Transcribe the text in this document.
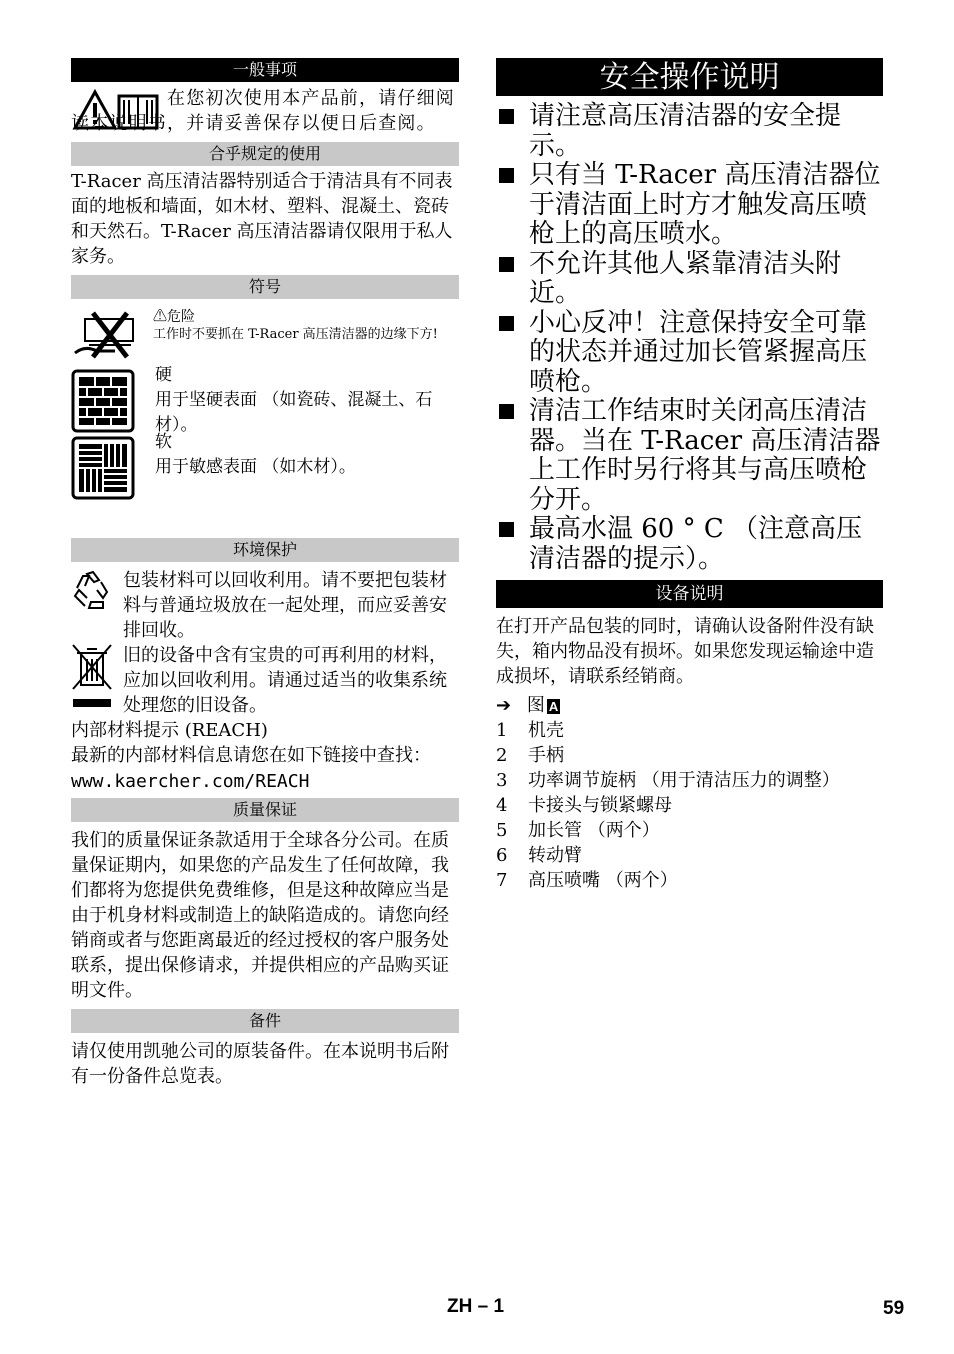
一般事项

在您初次使用本产品前，请仔细阅读本说明书，并请妥善保存以便日后查阅。

合乎规定的使用

T-Racer 高压清洁器特别适合于清洁具有不同表面的地板和墙面，如木材、塑料、混凝土、瓷砖和天然石。T-Racer 高压清洁器请仅限用于私人家务。

符号
⚠危险
工作时不要抓在 T-Racer 高压清洁器的边缘下方!
硬
用于坚硬表面 （如瓷砖、混凝土、石材）。
软
用于敏感表面 （如木材）。
环境保护

包装材料可以回收利用。请不要把包装材料与普通垃圾放在一起处理，而应妥善安排回收。

旧的设备中含有宝贵的可再利用的材料，应加以回收利用。请通过适当的收集系统处理您的旧设备。

内部材料提示 (REACH)

最新的内部材料信息请您在如下链接中查找：

www.kaercher.com/REACH

质量保证

我们的质量保证条款适用于全球各分公司。在质量保证期内，如果您的产品发生了任何故障，我们都将为您提供免费维修，但是这种故障应当是由于机身材料或制造上的缺陷造成的。请您向经销商或者与您距离最近的经过授权的客户服务处联系，提出保修请求，并提供相应的产品购买证明文件。

备件

请仅使用凯驰公司的原装备件。在本说明书后附有一份备件总览表。

安全操作说明
请注意高压清洁器的安全提示。
只有当 T-Racer 高压清洁器位于清洁面上时方才触发高压喷枪上的高压喷水。
不允许其他人紧靠清洁头附近。
小心反冲！注意保持安全可靠的状态并通过加长管紧握高压喷枪。
清洁工作结束时关闭高压清洁器。当在 T-Racer 高压清洁器上工作时另行将其与高压喷枪分开。
最高水温 60 ° C （注意高压清洁器的提示）。
设备说明

在打开产品包装的同时，请确认设备附件没有缺失，箱内物品没有损坏。如果您发现运输途中造成损坏，请联系经销商。

➔ 图 A

1	机壳
2	手柄
3	功率调节旋柄 （用于清洁压力的调整）
4	卡接头与锁紧螺母
5	加长管 （两个）
6	转动臂
7	高压喷嘴 （两个）
ZH – 1	59
